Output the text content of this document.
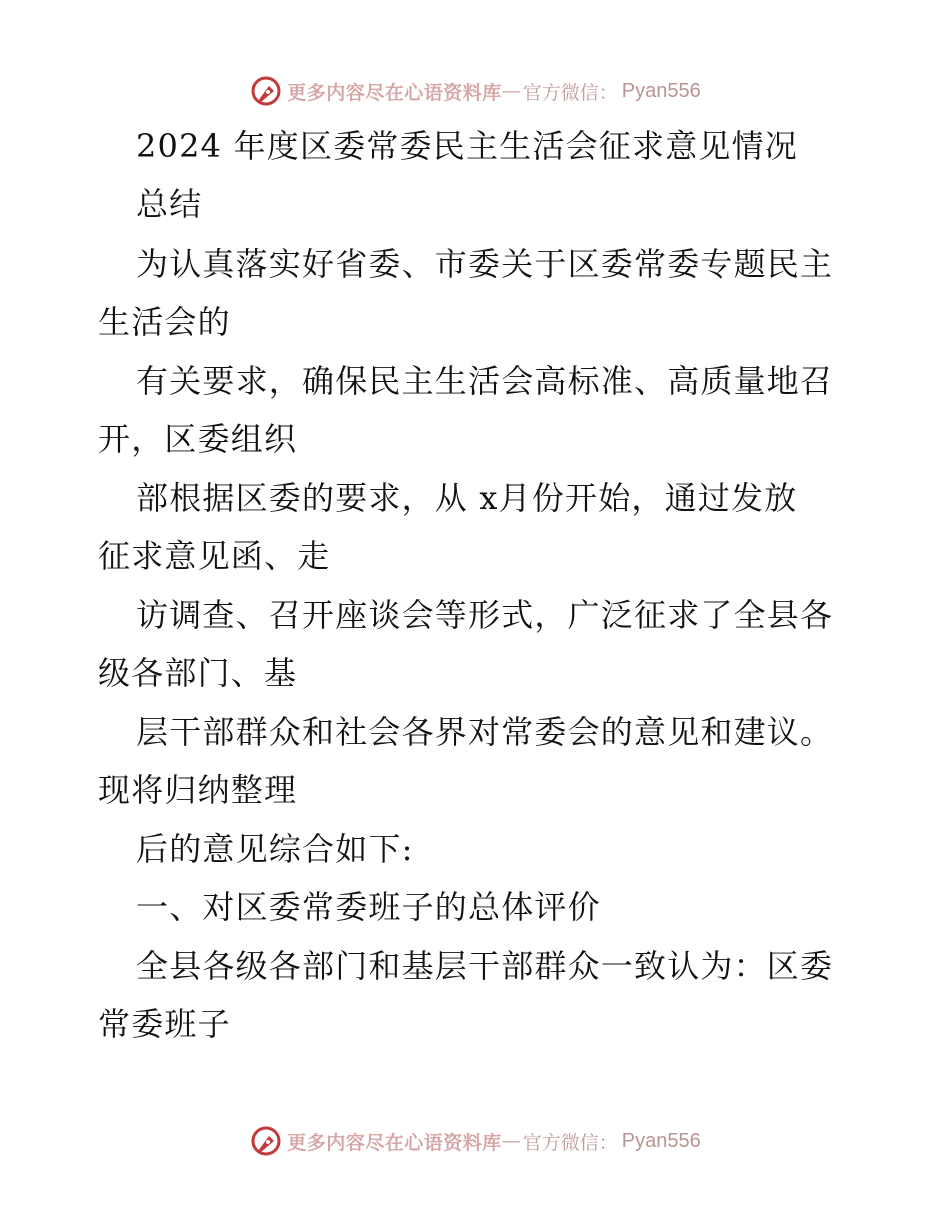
更多内容尽在心语资料库 — 官方微信： Pyan556
2024 年度区委常委民主生活会征求意见情况
总结
为认真落实好省委、市委关于区委常委专题民主
生活会的
有关要求，确保民主生活会高标准、高质量地召
开，区委组织
部根据区委的要求，从 x月份开始，通过发放
征求意见函、走
访调查、召开座谈会等形式，广泛征求了全县各
级各部门、基
层干部群众和社会各界对常委会的意见和建议。
现将归纳整理
后的意见综合如下:
一、对区委常委班子的总体评价
全县各级各部门和基层干部群众一致认为：区委
常委班子
更多内容尽在心语资料库 — 官方微信： Pyan556
